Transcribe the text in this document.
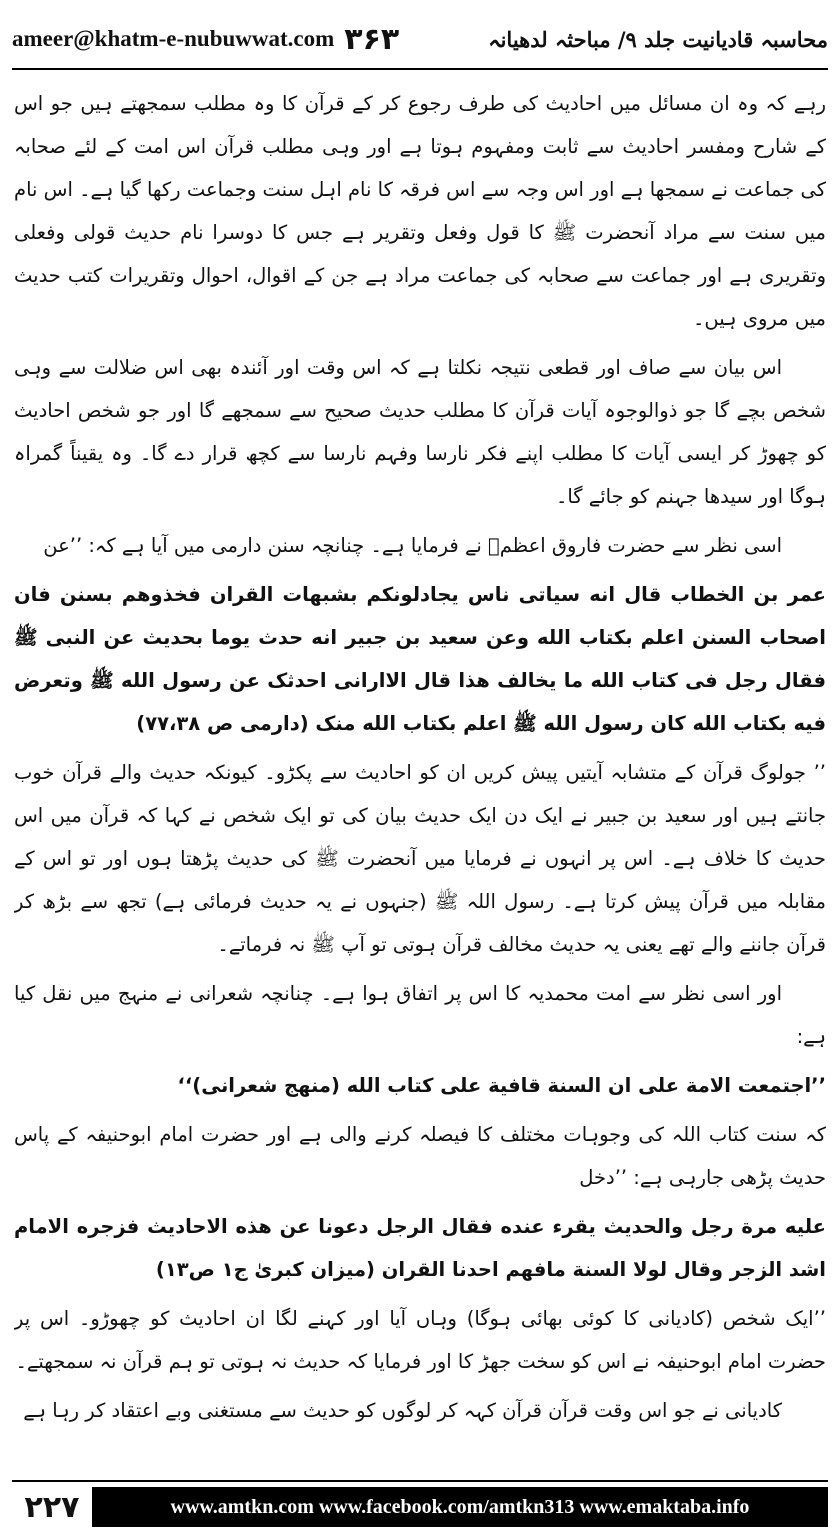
ameer@khatm-e-nubuwwat.com ۳۶۳	محاسبہ قادیانیت جلد ۹/ مباحثہ لدھیانہ

رہے کہ وہ ان مسائل میں احادیث کی طرف رجوع کر کے قرآن کا وہ مطلب سمجھتے ہیں جو اس کے شارح ومفسر احادیث سے ثابت ومفہوم ہوتا ہے اور وہی مطلب قرآن اس امت کے لئے صحابہ کی جماعت نے سمجھا ہے اور اس وجہ سے اس فرقہ کا نام اہل سنت وجماعت رکھا گیا ہے۔ اس نام میں سنت سے مراد آنحضرت ﷺ کا قول وفعل وتقریر ہے جس کا دوسرا نام حدیث قولی وفعلی وتقریری ہے اور جماعت سے صحابہ کی جماعت مراد ہے جن کے اقوال، احوال وتقریرات کتب حدیث میں مروی ہیں۔

اس بیان سے صاف اور قطعی نتیجہ نکلتا ہے کہ اس وقت اور آئندہ بھی اس ضلالت سے وہی شخص بچے گا جو ذوالوجوہ آیات قرآن کا مطلب حدیث صحیح سے سمجھے گا اور جو شخص احادیث کو چھوڑ کر ایسی آیات کا مطلب اپنے فکر نارسا وفہم نارسا سے کچھ قرار دے گا۔ وہ یقیناً گمراہ ہوگا اور سیدھا جہنم کو جائے گا۔

اسی نظر سے حضرت فاروق اعظمؓ نے فرمایا ہے۔ چنانچہ سنن دارمی میں آیا ہے کہ: ’’عن

عمر بن الخطاب قال انه سیاتی ناس یجادلونکم بشبهات القران فخذوهم بسنن فان اصحاب السنن اعلم بکتاب الله وعن سعید بن جبیر انه حدث یوما بحدیث عن النبی ﷺ فقال رجل فی کتاب الله ما یخالف هذا قال الاارانی احدثک عن رسول الله ﷺ وتعرض فیه بکتاب الله کان رسول الله ﷺ اعلم بکتاب الله منک (دارمی ص ۷۷،۳۸)

’’ جولوگ قرآن کے متشابہ آیتیں پیش کریں ان کو احادیث سے پکڑو۔ کیونکہ حدیث والے قرآن خوب جانتے ہیں اور سعید بن جبیر نے ایک دن ایک حدیث بیان کی تو ایک شخص نے کہا کہ قرآن میں اس حدیث کا خلاف ہے۔ اس پر انہوں نے فرمایا میں آنحضرت ﷺ کی حدیث پڑھتا ہوں اور تو اس کے مقابلہ میں قرآن پیش کرتا ہے۔ رسول اللہ ﷺ (جنہوں نے یہ حدیث فرمائی ہے) تجھ سے بڑھ کر قرآن جاننے والے تھے یعنی یہ حدیث مخالف قرآن ہوتی تو آپ ﷺ نہ فرماتے۔

اور اسی نظر سے امت محمدیہ کا اس پر اتفاق ہوا ہے۔ چنانچہ شعرانی نے منہج میں نقل کیا ہے:

’’اجتمعت الامة علی ان السنة قافیة علی کتاب الله (منهج شعرانی)‘‘

کہ سنت کتاب اللہ کی وجوہات مختلف کا فیصلہ کرنے والی ہے اور حضرت امام ابوحنیفہ کے پاس حدیث پڑھی جارہی ہے: ’’دخل

علیه مرة رجل والحدیث یقرء عنده فقال الرجل دعونا عن هذه الاحادیث فزجره الامام اشد الزجر وقال لولا السنة مافهم احدنا القران (میزان کبریٰ ج۱ ص۱۳)

’’ایک شخص (کادیانی کا کوئی بھائی ہوگا) وہاں آیا اور کہنے لگا ان احادیث کو چھوڑو۔ اس پر حضرت امام ابوحنیفہ نے اس کو سخت جھڑ کا اور فرمایا کہ حدیث نہ ہوتی تو ہم قرآن نہ سمجھتے۔

کادیانی نے جو اس وقت قرآن قرآن کہہ کر لوگوں کو حدیث سے مستغنی وبے اعتقاد کر رہا ہے

۲۲۷	www.amtkn.com www.facebook.com/amtkn313 www.emaktaba.info
